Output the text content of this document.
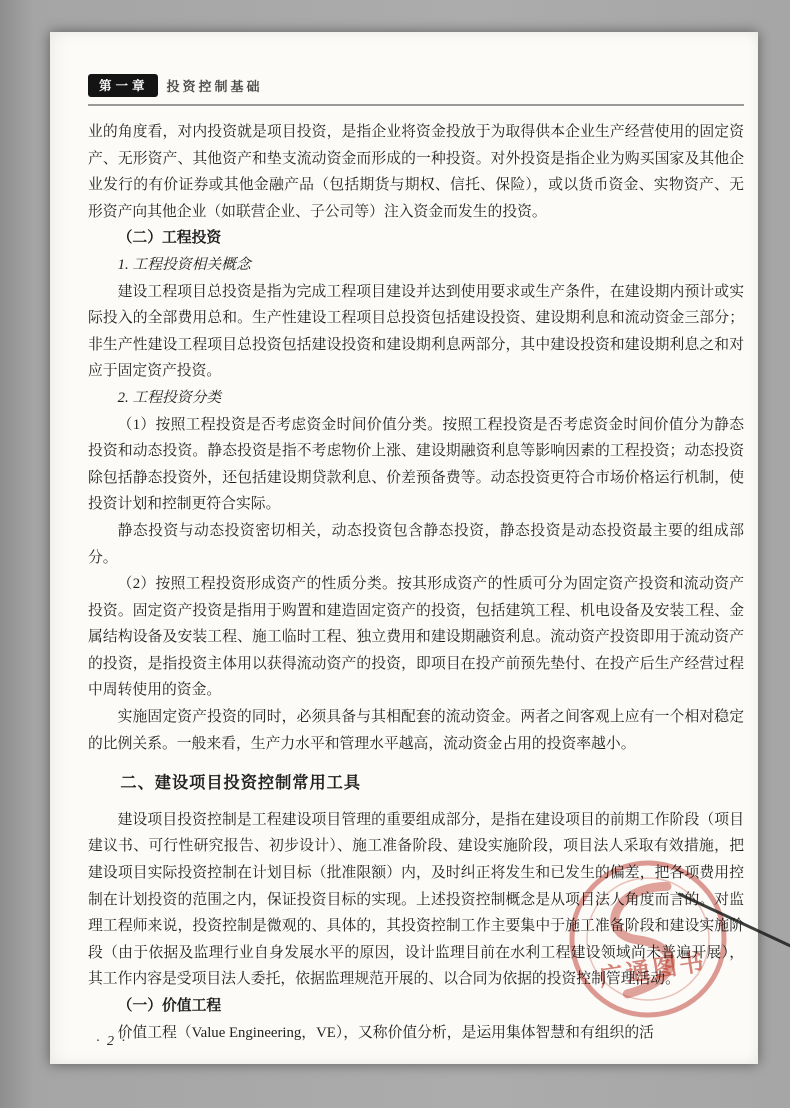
第一章	投资控制基础

业的角度看，对内投资就是项目投资，是指企业将资金投放于为取得供本企业生产经营使用的固定资产、无形资产、其他资产和垫支流动资金而形成的一种投资。对外投资是指企业为购买国家及其他企业发行的有价证券或其他金融产品（包括期货与期权、信托、保险），或以货币资金、实物资产、无形资产向其他企业（如联营企业、子公司等）注入资金而发生的投资。

（二）工程投资

1. 工程投资相关概念

建设工程项目总投资是指为完成工程项目建设并达到使用要求或生产条件，在建设期内预计或实际投入的全部费用总和。生产性建设工程项目总投资包括建设投资、建设期利息和流动资金三部分；非生产性建设工程项目总投资包括建设投资和建设期利息两部分，其中建设投资和建设期利息之和对应于固定资产投资。

2. 工程投资分类

（1）按照工程投资是否考虑资金时间价值分类。按照工程投资是否考虑资金时间价值分为静态投资和动态投资。静态投资是指不考虑物价上涨、建设期融资利息等影响因素的工程投资；动态投资除包括静态投资外，还包括建设期贷款利息、价差预备费等。动态投资更符合市场价格运行机制，使投资计划和控制更符合实际。

静态投资与动态投资密切相关，动态投资包含静态投资，静态投资是动态投资最主要的组成部分。

（2）按照工程投资形成资产的性质分类。按其形成资产的性质可分为固定资产投资和流动资产投资。固定资产投资是指用于购置和建造固定资产的投资，包括建筑工程、机电设备及安装工程、金属结构设备及安装工程、施工临时工程、独立费用和建设期融资利息。流动资产投资即用于流动资产的投资，是指投资主体用以获得流动资产的投资，即项目在投产前预先垫付、在投产后生产经营过程中周转使用的资金。

实施固定资产投资的同时，必须具备与其相配套的流动资金。两者之间客观上应有一个相对稳定的比例关系。一般来看，生产力水平和管理水平越高，流动资金占用的投资率越小。

二、建设项目投资控制常用工具

建设项目投资控制是工程建设项目管理的重要组成部分，是指在建设项目的前期工作阶段（项目建议书、可行性研究报告、初步设计）、施工准备阶段、建设实施阶段，项目法人采取有效措施，把建设项目实际投资控制在计划目标（批准限额）内，及时纠正将发生和已发生的偏差，把各项费用控制在计划投资的范围之内，保证投资目标的实现。上述投资控制概念是从项目法人角度而言的。对监理工程师来说，投资控制是微观的、具体的，其投资控制工作主要集中于施工准备阶段和建设实施阶段（由于依据及监理行业自身发展水平的原因，设计监理目前在水利工程建设领域尚未普遍开展），其工作内容是受项目法人委托，依据监理规范开展的、以合同为依据的投资控制管理活动。

（一）价值工程

价值工程（Value Engineering，VE），又称价值分析，是运用集体智慧和有组织的活

· 2 ·
广通图书
